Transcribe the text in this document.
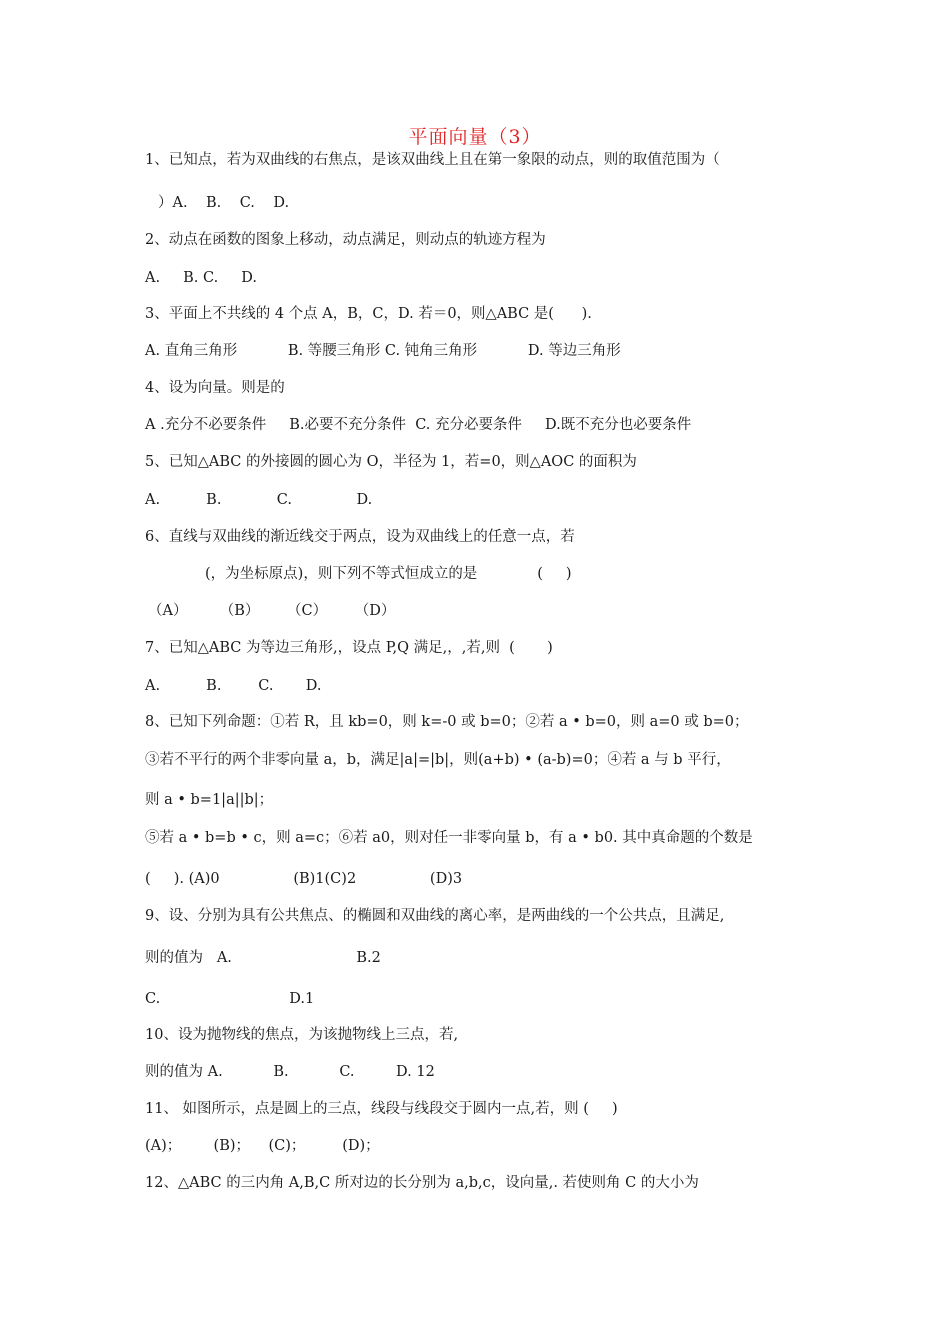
平面向量（3）
1、已知点，若为双曲线的右焦点，是该双曲线上且在第一象限的动点，则的取值范围为（
）A.    B.    C.    D.
2、动点在函数的图象上移动，动点满足，则动点的轨迹方程为
A.     B. C.     D.
3、平面上不共线的 4 个点 A，B，C，D. 若＝0，则△ABC 是(      ).
A. 直角三角形           B. 等腰三角形 C. 钝角三角形           D. 等边三角形
4、设为向量。则是的
A .充分不必要条件     B.必要不充分条件  C. 充分必要条件     D.既不充分也必要条件
5、已知△ABC 的外接圆的圆心为 O，半径为 1，若=0，则△AOC 的面积为
A.          B.            C.              D.
6、直线与双曲线的渐近线交于两点，设为双曲线上的任意一点，若
(，为坐标原点)，则下列不等式恒成立的是             (     )
（A）       （B）      （C）      （D）
7、已知△ABC 为等边三角形,，设点 P,Q 满足,，,若,则  (       )
A.          B.        C.       D.
8、已知下列命题：①若 R，且 kb=0，则 k=-0 或 b=0；②若 a • b=0，则 a=0 或 b=0；
③若不平行的两个非零向量 a，b，满足|a|=|b|，则(a+b) • (a-b)=0；④若 a 与 b 平行，
则 a • b=1|a||b|；
⑤若 a • b=b • c，则 a=c；⑥若 a0，则对任一非零向量 b，有 a • b0. 其中真命题的个数是
(     ). (A)0                (B)1(C)2                (D)3
9、设、分别为具有公共焦点、的椭圆和双曲线的离心率，是两曲线的一个公共点，且满足,
则的值为   A.                           B.2
C.                            D.1
10、设为抛物线的焦点，为该抛物线上三点，若,
则的值为 A.           B.           C.         D. 12
11、 如图所示，点是圆上的三点，线段与线段交于圆内一点,若，则 (     )
(A)；       (B)；    (C)；        (D)；
12、△ABC 的三内角 A,B,C 所对边的长分别为 a,b,c，设向量,. 若使则角 C 的大小为
